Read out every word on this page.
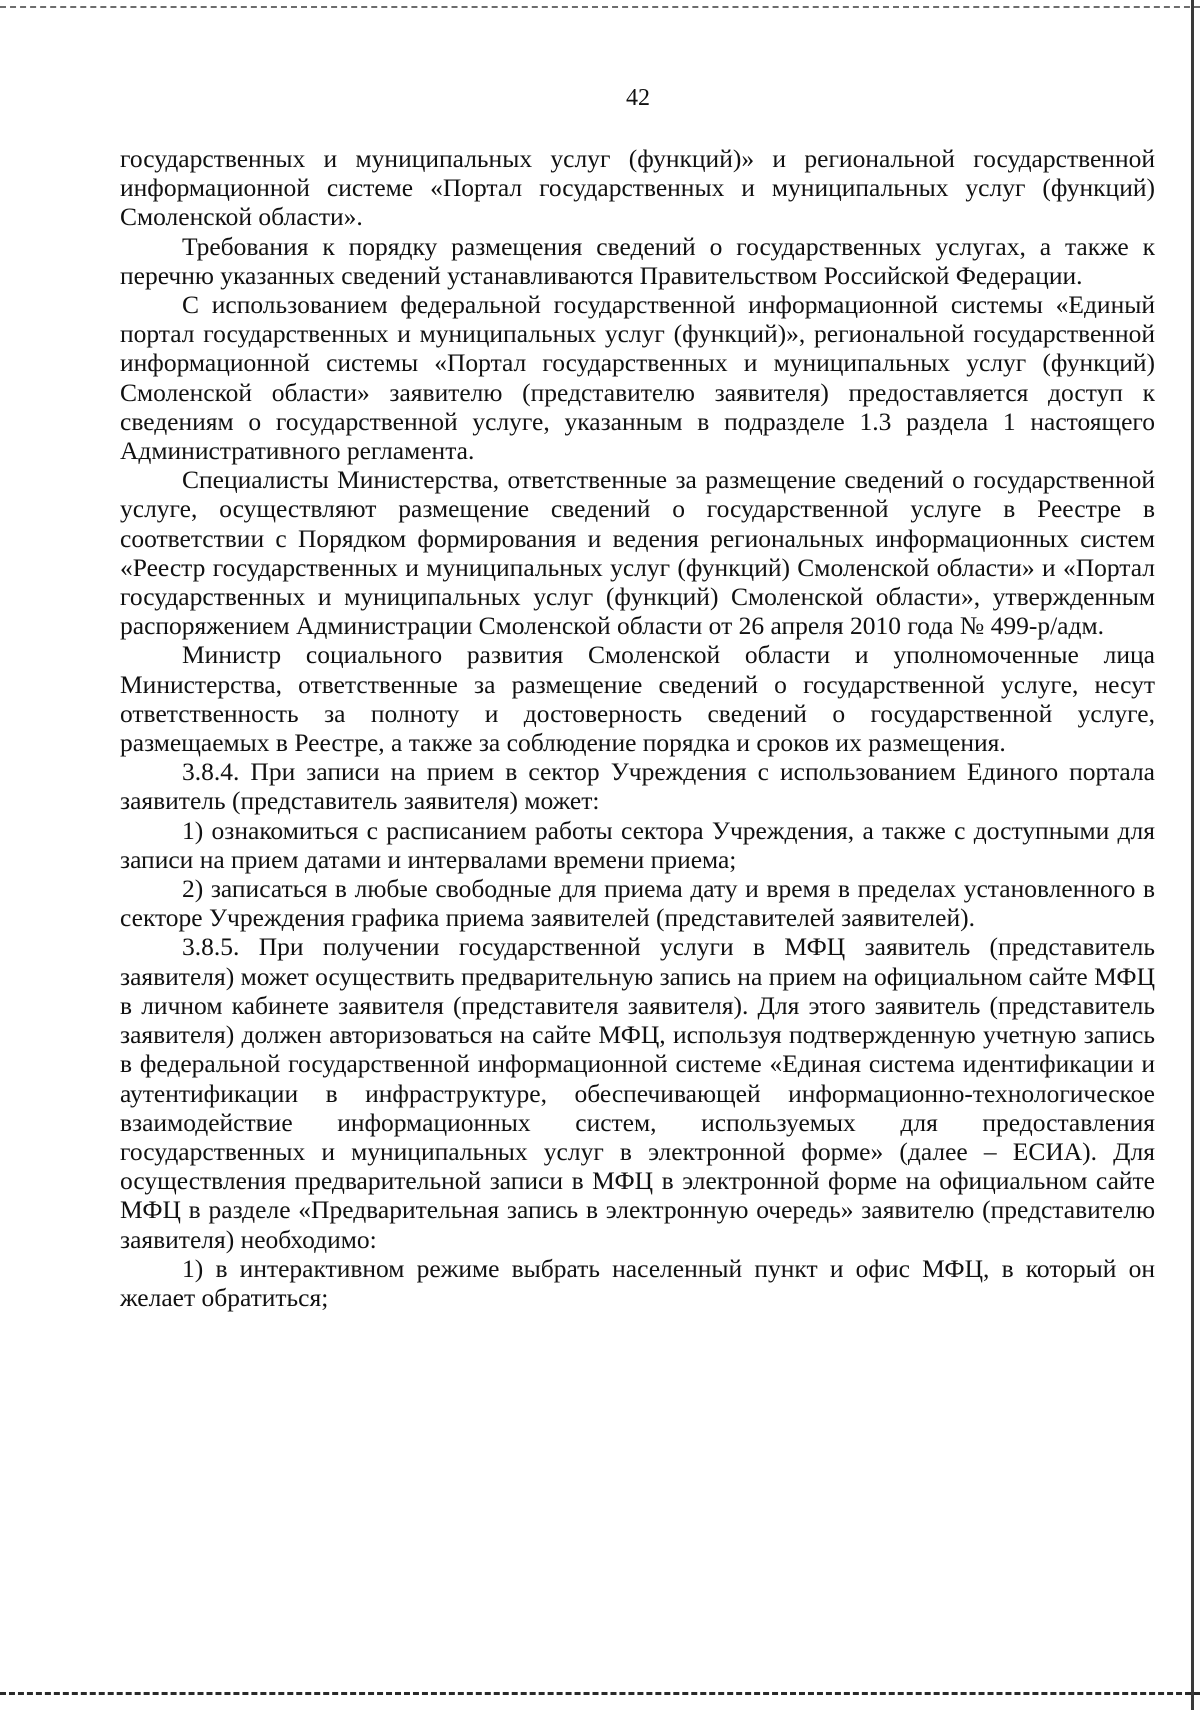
42

государственных и муниципальных услуг (функций)» и региональной государственной информационной системе «Портал государственных и муниципальных услуг (функций) Смоленской области».

Требования к порядку размещения сведений о государственных услугах, а также к перечню указанных сведений устанавливаются Правительством Российской Федерации.

С использованием федеральной государственной информационной системы «Единый портал государственных и муниципальных услуг (функций)», региональной государственной информационной системы «Портал государственных и муниципальных услуг (функций) Смоленской области» заявителю (представителю заявителя) предоставляется доступ к сведениям о государственной услуге, указанным в подразделе 1.3 раздела 1 настоящего Административного регламента.

Специалисты Министерства, ответственные за размещение сведений о государственной услуге, осуществляют размещение сведений о государственной услуге в Реестре в соответствии с Порядком формирования и ведения региональных информационных систем «Реестр государственных и муниципальных услуг (функций) Смоленской области» и «Портал государственных и муниципальных услуг (функций) Смоленской области», утвержденным распоряжением Администрации Смоленской области от 26 апреля 2010 года № 499-р/адм.

Министр социального развития Смоленской области и уполномоченные лица Министерства, ответственные за размещение сведений о государственной услуге, несут ответственность за полноту и достоверность сведений о государственной услуге, размещаемых в Реестре, а также за соблюдение порядка и сроков их размещения.

3.8.4. При записи на прием в сектор Учреждения с использованием Единого портала заявитель (представитель заявителя) может:

1) ознакомиться с расписанием работы сектора Учреждения, а также с доступными для записи на прием датами и интервалами времени приема;

2) записаться в любые свободные для приема дату и время в пределах установленного в секторе Учреждения графика приема заявителей (представителей заявителей).

3.8.5. При получении государственной услуги в МФЦ заявитель (представитель заявителя) может осуществить предварительную запись на прием на официальном сайте МФЦ в личном кабинете заявителя (представителя заявителя). Для этого заявитель (представитель заявителя) должен авторизоваться на сайте МФЦ, используя подтвержденную учетную запись в федеральной государственной информационной системе «Единая система идентификации и аутентификации в инфраструктуре, обеспечивающей информационно-технологическое взаимодействие информационных систем, используемых для предоставления государственных и муниципальных услуг в электронной форме» (далее – ЕСИА). Для осуществления предварительной записи в МФЦ в электронной форме на официальном сайте МФЦ в разделе «Предварительная запись в электронную очередь» заявителю (представителю заявителя) необходимо:

1) в интерактивном режиме выбрать населенный пункт и офис МФЦ, в который он желает обратиться;
